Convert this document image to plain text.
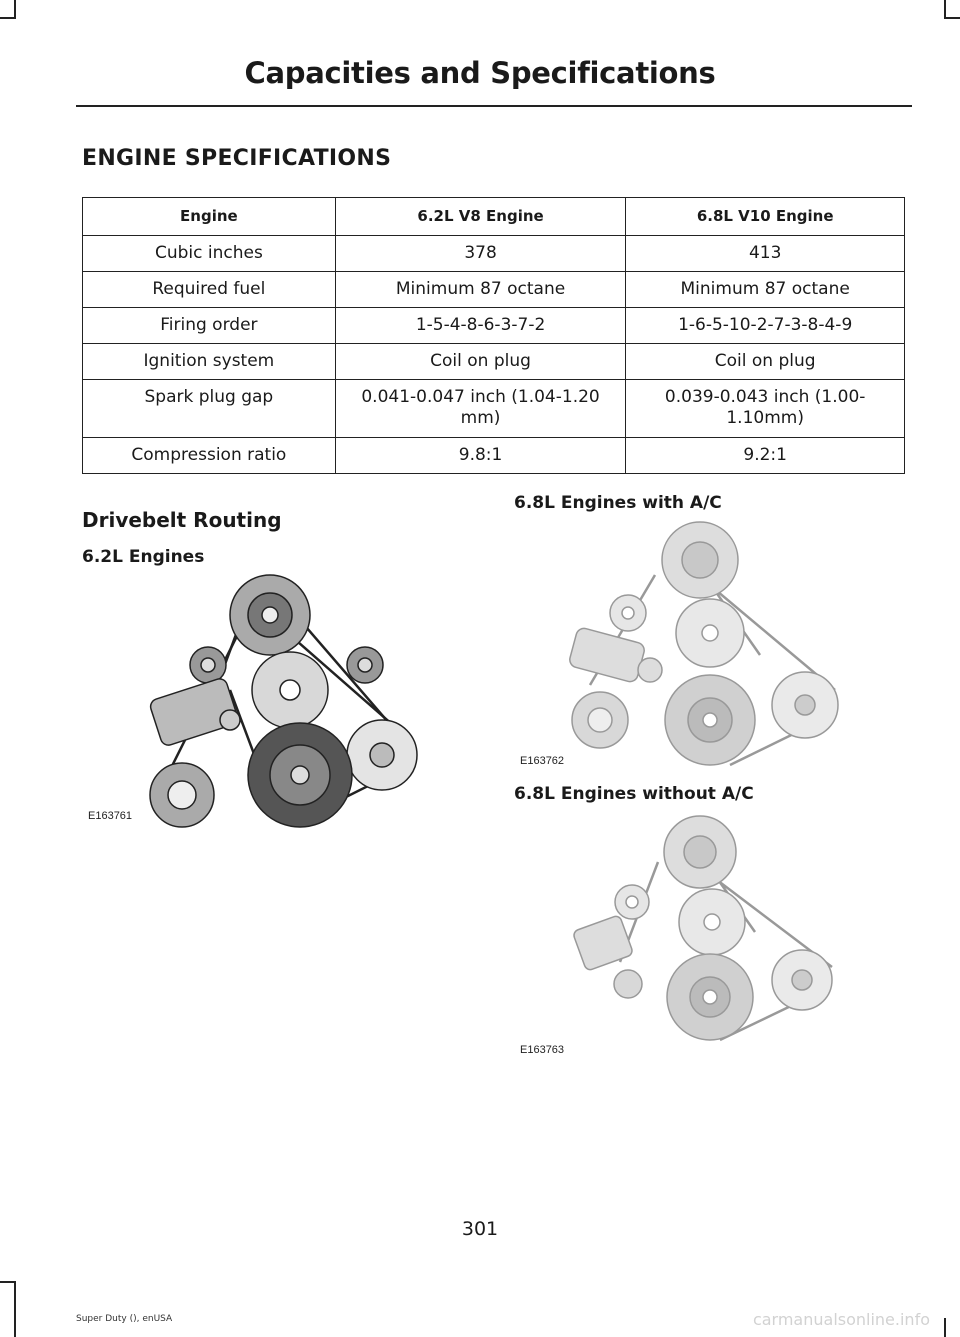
Capacities and Specifications
ENGINE SPECIFICATIONS
Engine	6.2L V8 Engine	6.8L V10 Engine
Cubic inches	378	413
Required fuel	Minimum 87 octane	Minimum 87 octane
Firing order	1-5-4-8-6-3-7-2	1-6-5-10-2-7-3-8-4-9
Ignition system	Coil on plug	Coil on plug
Spark plug gap	0.041-0.047 inch (1.04-1.20 mm)	0.039-0.043 inch (1.00-1.10mm)
Compression ratio	9.8:1	9.2:1
Drivebelt Routing
6.2L Engines
6.8L Engines with A/C
6.8L Engines without A/C
E163761
E163762
E163763
301
Super Duty (), enUSA	carmanualsonline.info
